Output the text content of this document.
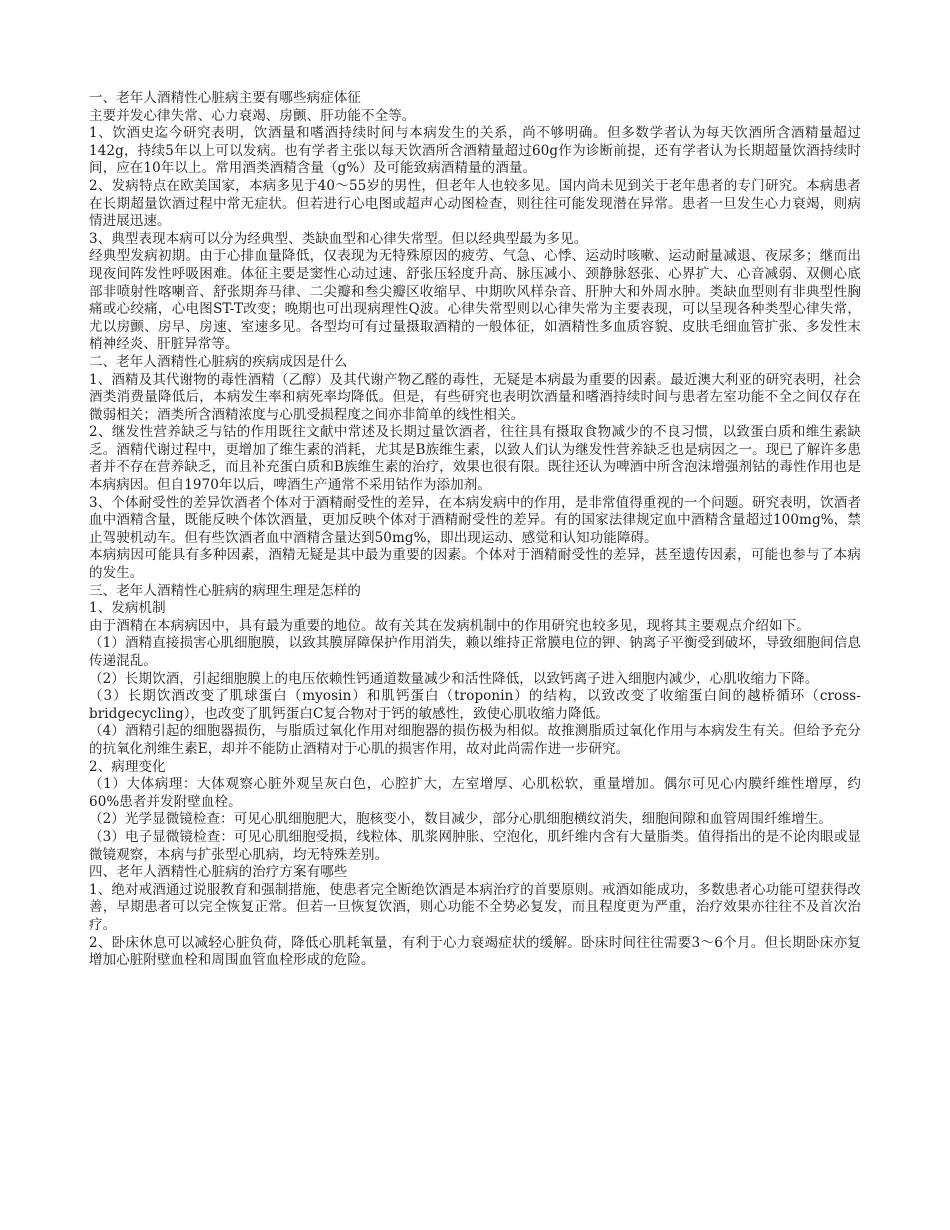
一、老年人酒精性心脏病主要有哪些病症体征

主要并发心律失常、心力衰竭、房颤、肝功能不全等。

1、饮酒史迄今研究表明，饮酒量和嗜酒持续时间与本病发生的关系，尚不够明确。但多数学者认为每天饮酒所含酒精量超过142g，持续5年以上可以发病。也有学者主张以每天饮酒所含酒精量超过60g作为诊断前提，还有学者认为长期超量饮酒持续时间，应在10年以上。常用酒类酒精含量（g%）及可能致病酒精量的酒量。

2、发病特点在欧美国家，本病多见于40～55岁的男性，但老年人也较多见。国内尚未见到关于老年患者的专门研究。本病患者在长期超量饮酒过程中常无症状。但若进行心电图或超声心动图检查，则往往可能发现潜在异常。患者一旦发生心力衰竭，则病情进展迅速。

3、典型表现本病可以分为经典型、类缺血型和心律失常型。但以经典型最为多见。

经典型发病初期。由于心排血量降低，仅表现为无特殊原因的疲劳、气急、心悸、运动时咳嗽、运动耐量减退、夜尿多；继而出现夜间阵发性呼吸困难。体征主要是窦性心动过速、舒张压轻度升高、脉压减小、颈静脉怒张、心界扩大、心音减弱、双侧心底部非喷射性喀喇音、舒张期奔马律、二尖瓣和叁尖瓣区收缩早、中期吹风样杂音、肝肿大和外周水肿。类缺血型则有非典型性胸痛或心绞痛，心电图ST-T改变；晚期也可出现病理性Q波。心律失常型则以心律失常为主要表现，可以呈现各种类型心律失常，尤以房颤、房早、房速、室速多见。各型均可有过量摄取酒精的一般体征，如酒精性多血质容貌、皮肤毛细血管扩张、多发性末梢神经炎、肝脏异常等。

二、老年人酒精性心脏病的疾病成因是什么

1、酒精及其代谢物的毒性酒精（乙醇）及其代谢产物乙醛的毒性，无疑是本病最为重要的因素。最近澳大利亚的研究表明，社会酒类消费量降低后，本病发生率和病死率均降低。但是，有些研究也表明饮酒量和嗜酒持续时间与患者左室功能不全之间仅存在微弱相关；酒类所含酒精浓度与心肌受损程度之间亦非简单的线性相关。

2、继发性营养缺乏与钴的作用既往文献中常述及长期过量饮酒者，往往具有摄取食物减少的不良习惯，以致蛋白质和维生素缺乏。酒精代谢过程中，更增加了维生素的消耗，尤其是B族维生素，以致人们认为继发性营养缺乏也是病因之一。现已了解许多患者并不存在营养缺乏，而且补充蛋白质和B族维生素的治疗，效果也很有限。既往还认为啤酒中所含泡沫增强剂钴的毒性作用也是本病病因。但自1970年以后，啤酒生产通常不采用钴作为添加剂。

3、个体耐受性的差异饮酒者个体对于酒精耐受性的差异，在本病发病中的作用，是非常值得重视的一个问题。研究表明，饮酒者血中酒精含量，既能反映个体饮酒量，更加反映个体对于酒精耐受性的差异。有的国家法律规定血中酒精含量超过100mg%，禁止驾驶机动车。但有些饮酒者血中酒精含量达到50mg%，即出现运动、感觉和认知功能障碍。

本病病因可能具有多种因素，酒精无疑是其中最为重要的因素。个体对于酒精耐受性的差异，甚至遗传因素，可能也参与了本病的发生。

三、老年人酒精性心脏病的病理生理是怎样的

1、发病机制

由于酒精在本病病因中，具有最为重要的地位。故有关其在发病机制中的作用研究也较多见，现将其主要观点介绍如下。

（1）酒精直接损害心肌细胞膜，以致其膜屏障保护作用消失，赖以维持正常膜电位的钾、钠离子平衡受到破坏，导致细胞间信息传递混乱。

（2）长期饮酒，引起细胞膜上的电压依赖性钙通道数量减少和活性降低，以致钙离子进入细胞内减少，心肌收缩力下降。

（3）长期饮酒改变了肌球蛋白（myosin）和肌钙蛋白（troponin）的结构，以致改变了收缩蛋白间的越桥循环（cross-bridgecycling），也改变了肌钙蛋白C复合物对于钙的敏感性，致使心肌收缩力降低。

（4）酒精引起的细胞器损伤，与脂质过氧化作用对细胞器的损伤极为相似。故推测脂质过氧化作用与本病发生有关。但给予充分的抗氧化剂维生素E，却并不能防止酒精对于心肌的损害作用，故对此尚需作进一步研究。

2、病理变化

（1）大体病理：大体观察心脏外观呈灰白色，心腔扩大，左室增厚、心肌松软，重量增加。偶尔可见心内膜纤维性增厚，约60%患者并发附壁血栓。

（2）光学显微镜检查：可见心肌细胞肥大，胞核变小，数目减少，部分心肌细胞横纹消失，细胞间隙和血管周围纤维增生。

（3）电子显微镜检查：可见心肌细胞受损，线粒体、肌浆网肿胀、空泡化，肌纤维内含有大量脂类。值得指出的是不论肉眼或显微镜观察，本病与扩张型心肌病，均无特殊差别。

四、老年人酒精性心脏病的治疗方案有哪些

1、绝对戒酒通过说服教育和强制措施，使患者完全断绝饮酒是本病治疗的首要原则。戒酒如能成功，多数患者心功能可望获得改善，早期患者可以完全恢复正常。但若一旦恢复饮酒，则心功能不全势必复发，而且程度更为严重，治疗效果亦往往不及首次治疗。

2、卧床休息可以减轻心脏负荷，降低心肌耗氧量，有利于心力衰竭症状的缓解。卧床时间往往需要3～6个月。但长期卧床亦复增加心脏附壁血栓和周围血管血栓形成的危险。
